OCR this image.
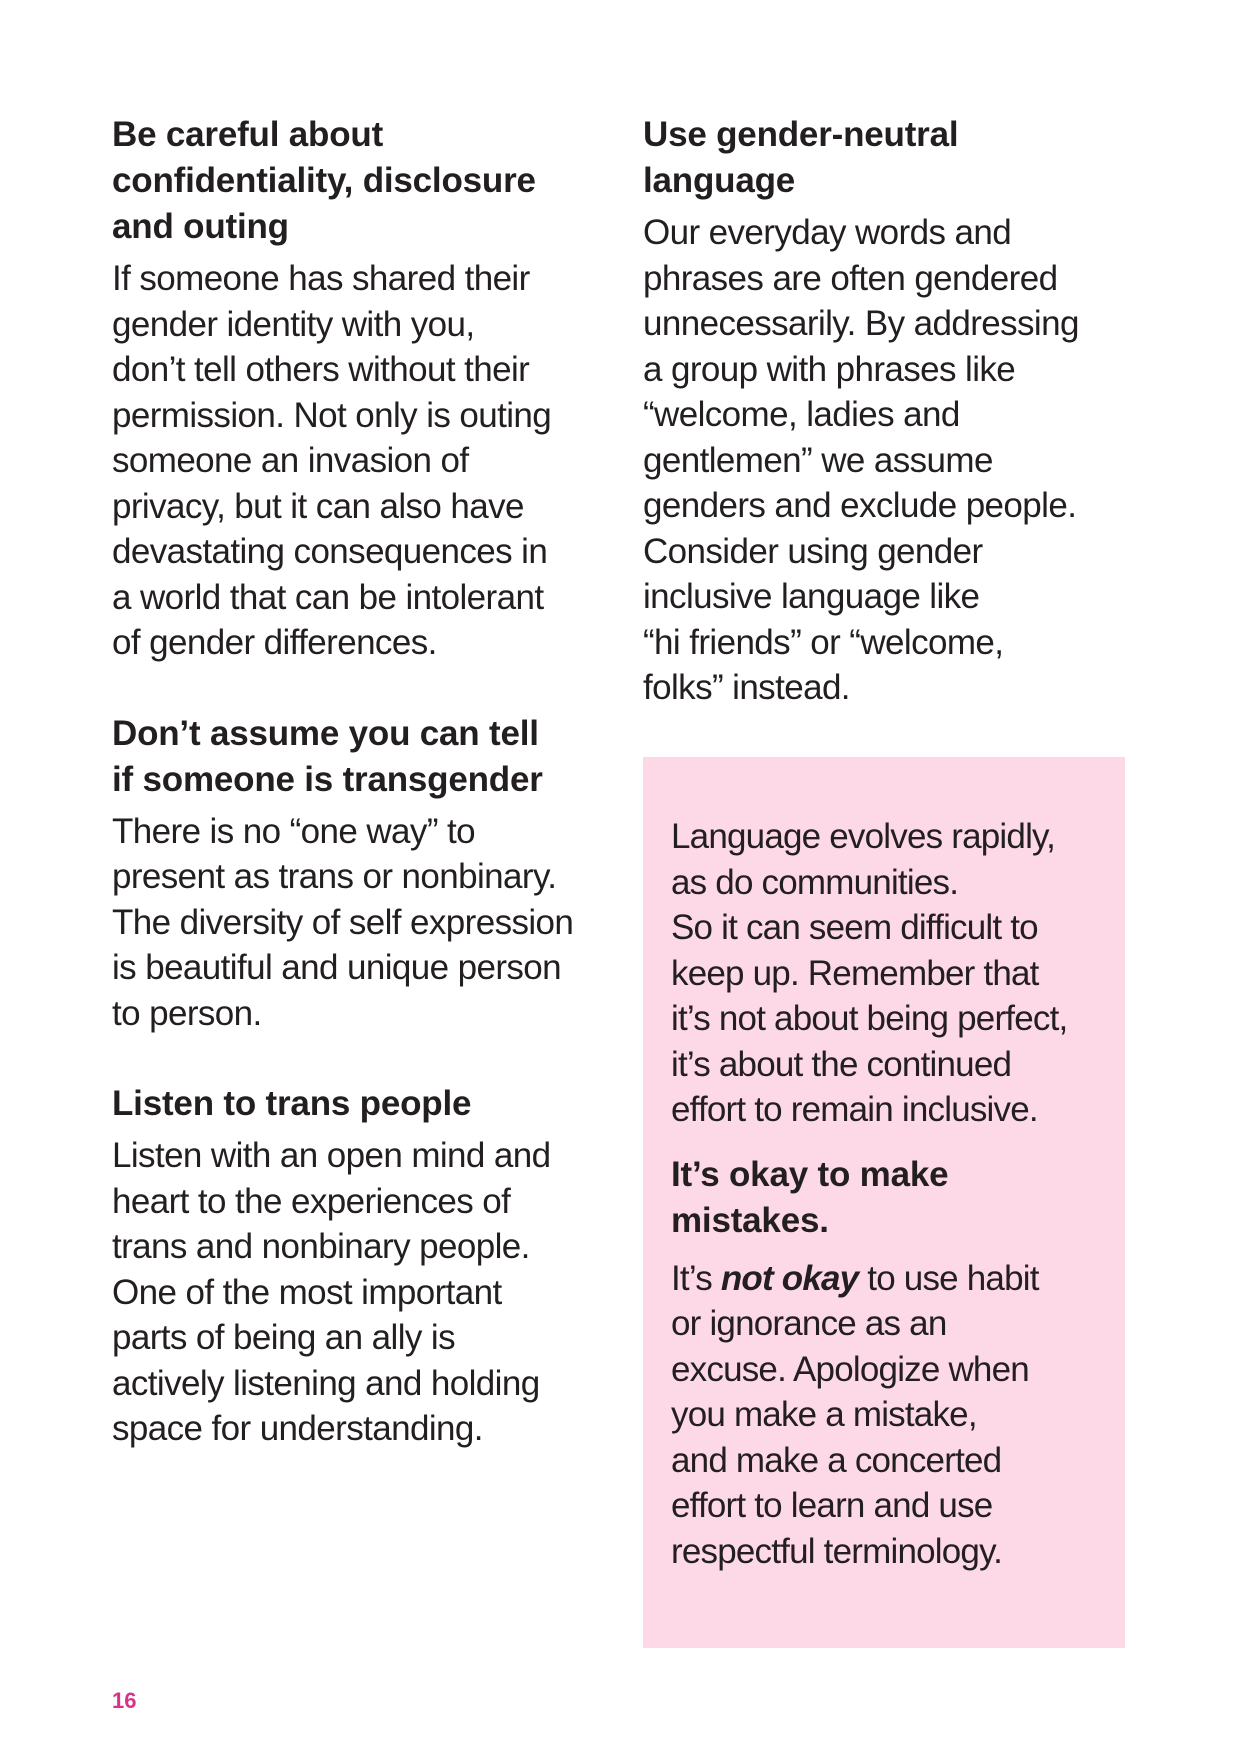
Be careful about
confidentiality, disclosure
and outing

If someone has shared their
gender identity with you,
don’t tell others without their
permission. Not only is outing
someone an invasion of
privacy, but it can also have
devastating consequences in
a world that can be intolerant
of gender differences.

Don’t assume you can tell
if someone is transgender

There is no “one way” to
present as trans or nonbinary.
The diversity of self expression
is beautiful and unique person
to person.

Listen to trans people

Listen with an open mind and
heart to the experiences of
trans and nonbinary people.
One of the most important
parts of being an ally is
actively listening and holding
space for understanding.

Use gender-neutral
language

Our everyday words and
phrases are often gendered
unnecessarily. By addressing
a group with phrases like
“welcome, ladies and
gentlemen” we assume
genders and exclude people.
Consider using gender
inclusive language like
“hi friends” or “welcome,
folks” instead.

Language evolves rapidly,
as do communities.
So it can seem difficult to
keep up. Remember that
it’s not about being perfect,
it’s about the continued
effort to remain inclusive.

It’s okay to make
mistakes.

It’s not okay to use habit
or ignorance as an
excuse. Apologize when
you make a mistake,
and make a concerted
effort to learn and use
respectful terminology.

16
